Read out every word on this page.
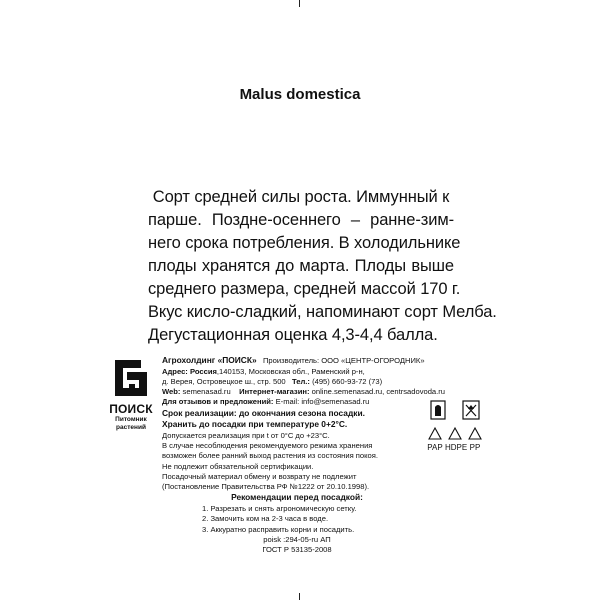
Malus domestica
Сорт средней силы роста. Иммунный к
парше. Поздне-осеннего – ранне-зим-
него срока потребления. В холодильнике
плоды хранятся до марта. Плоды выше
среднего размера, средней массой 170 г.
Вкус кисло-сладкий, напоминают сорт Мелба.
Дегустационная оценка 4,3-4,4 балла.
ПОИСК
Питомник
растений
Агрохолдинг «ПОИСК» Производитель: ООО «ЦЕНТР-ОГОРОДНИК»
Адрес: Россия,140153, Московская обл., Раменский р-н,
д. Верея, Островецкое ш., стр. 500 Тел.: (495) 660-93-72 (73)
Web: semenasad.ru Интернет-магазин: online.semenasad.ru, centrsadovoda.ru
Для отзывов и предложений: E-mail: info@semenasad.ru
Срок реализации: до окончания сезона посадки.
Хранить до посадки при температуре 0+2°С.
Допускается реализация при t от 0°С до +23°С.
В случае несоблюдения рекомендуемого режима хранения
возможен более ранний выход растения из состояния покоя.
Не подлежит обязательной сертификации.
Посадочный материал обмену и возврату не подлежит
(Постановление Правительства РФ №1222 от 20.10.1998).
Рекомендации перед посадкой:
1. Разрезать и снять агрономическую сетку.
2. Замочить ком на 2-3 часа в воде.
3. Аккуратно расправить корни и посадить.
poisk :294-05-ru АП
ГОСТ Р 53135-2008
PAP HDPE PP
